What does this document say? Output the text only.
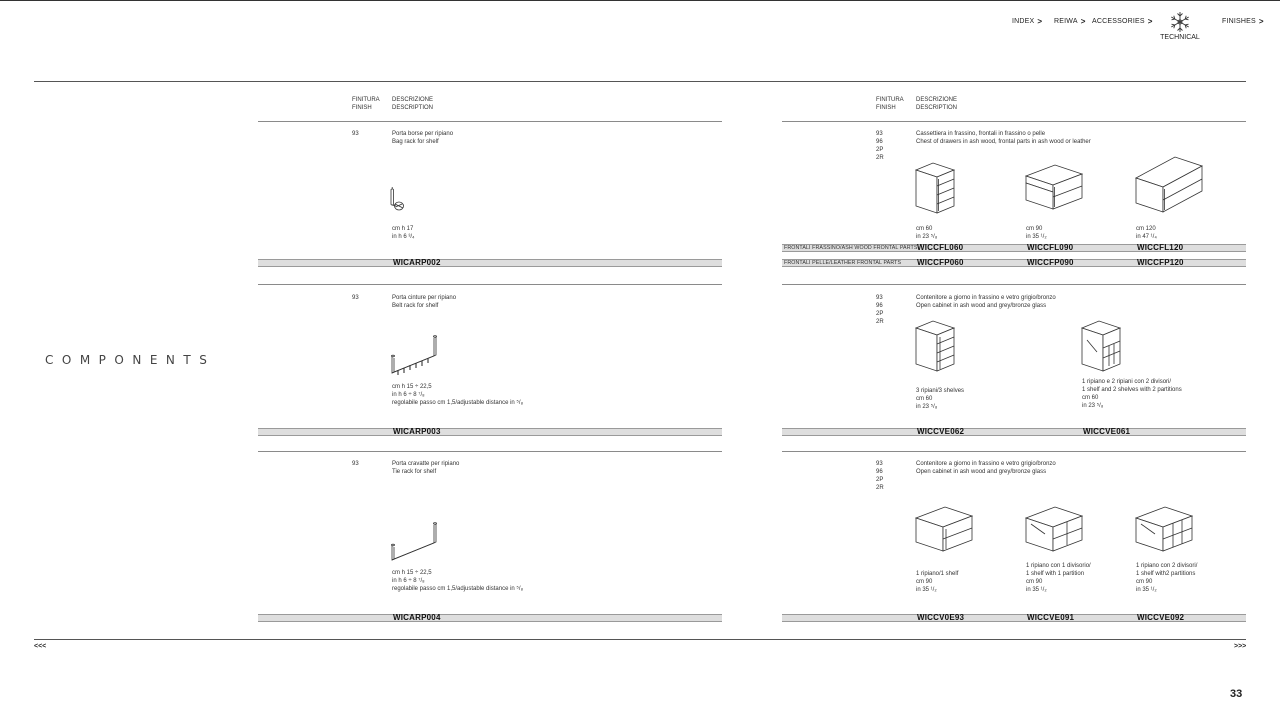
INDEX > REIWA > ACCESSORIES >
TECHNICAL
FINISHES >
COMPONENTS
FINITURA
FINISH
DESCRIZIONE
DESCRIPTION
FINITURA
FINISH
DESCRIZIONE
DESCRIPTION
93	Porta borse per ripiano
Bag rack for shelf
cm h 17
in h 6 ³/₄
WICARP002
93	Porta cinture per ripiano
Belt rack for shelf
cm h 15 ÷ 22,5
in h 6 ÷ 8 ⁷/₈
regolabile passo cm 1,5/adjustable distance in ⁵/₈
WICARP003
93	Porta cravatte per ripiano
Tie rack for shelf
cm h 15 ÷ 22,5
in h 6 ÷ 8 ⁷/₈
regolabile passo cm 1,5/adjustable distance in ⁵/₈
WICARP004
93
96
2P
2R
Cassettiera in frassino, frontali in frassino o pelle
Chest of drawers in ash wood, frontal parts in ash wood or leather
cm 60
in 23 ⁵/₈
cm 90
in 35 ¹/₂
cm 120
in 47 ¹/₄
FRONTALI FRASSINO/ASH WOOD FRONTAL PARTS WICCFL060	WICCFL090	WICCFL120
FRONTALI PELLE/LEATHER FRONTAL PARTS WICCFP060	WICCFP090	WICCFP120
93
96
2P
2R
Contenitore a giorno in frassino e vetro grigio/bronzo
Open cabinet in ash wood and grey/bronze glass
3 ripiani/3 shelves
cm 60
in 23 ⁵/₈
1 ripiano e 2 ripiani con 2 divisori/
1 shelf and 2 shelves with 2 partitions
cm 60
in 23 ⁵/₈
WICCVE062	WICCVE061
93
96
2P
2R
Contenitore a giorno in frassino e vetro grigio/bronzo
Open cabinet in ash wood and grey/bronze glass
1 ripiano/1 shelf
cm 90
in 35 ¹/₂
1 ripiano con 1 divisorio/
1 shelf with 1 partition
cm 90
in 35 ¹/₂
1 ripiano con 2 divisori/
1 shelf with2 partitions
cm 90
in 35 ¹/₂
WICCV0E93	WICCVE091	WICCVE092
<<<	>>>
33
